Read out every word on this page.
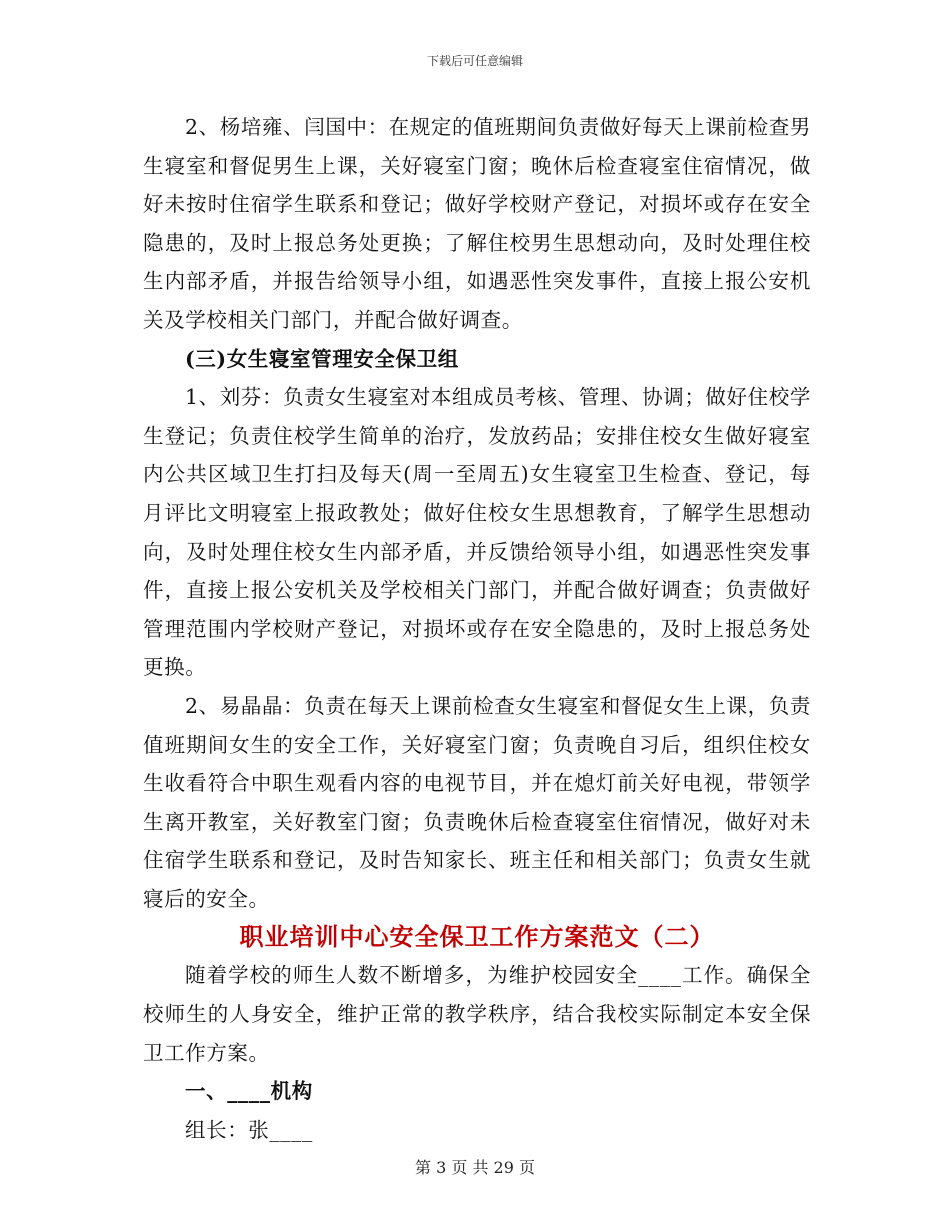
下载后可任意编辑

2、杨培雍、闫国中：在规定的值班期间负责做好每天上课前检查男生寝室和督促男生上课，关好寝室门窗；晚休后检查寝室住宿情况，做好未按时住宿学生联系和登记；做好学校财产登记，对损坏或存在安全隐患的，及时上报总务处更换；了解住校男生思想动向，及时处理住校生内部矛盾，并报告给领导小组，如遇恶性突发事件，直接上报公安机关及学校相关门部门，并配合做好调查。

(三)女生寝室管理安全保卫组

1、刘芬：负责女生寝室对本组成员考核、管理、协调；做好住校学生登记；负责住校学生简单的治疗，发放药品；安排住校女生做好寝室内公共区域卫生打扫及每天(周一至周五)女生寝室卫生检查、登记，每月评比文明寝室上报政教处；做好住校女生思想教育，了解学生思想动向，及时处理住校女生内部矛盾，并反馈给领导小组，如遇恶性突发事件，直接上报公安机关及学校相关门部门，并配合做好调查；负责做好管理范围内学校财产登记，对损坏或存在安全隐患的，及时上报总务处更换。

2、易晶晶：负责在每天上课前检查女生寝室和督促女生上课，负责值班期间女生的安全工作，关好寝室门窗；负责晚自习后，组织住校女生收看符合中职生观看内容的电视节目，并在熄灯前关好电视，带领学生离开教室，关好教室门窗；负责晚休后检查寝室住宿情况，做好对未住宿学生联系和登记，及时告知家长、班主任和相关部门；负责女生就寝后的安全。

职业培训中心安全保卫工作方案范文（二）

随着学校的师生人数不断增多，为维护校园安全____工作。确保全校师生的人身安全，维护正常的教学秩序，结合我校实际制定本安全保卫工作方案。

一、____机构

组长：张____

第 3 页 共 29 页
